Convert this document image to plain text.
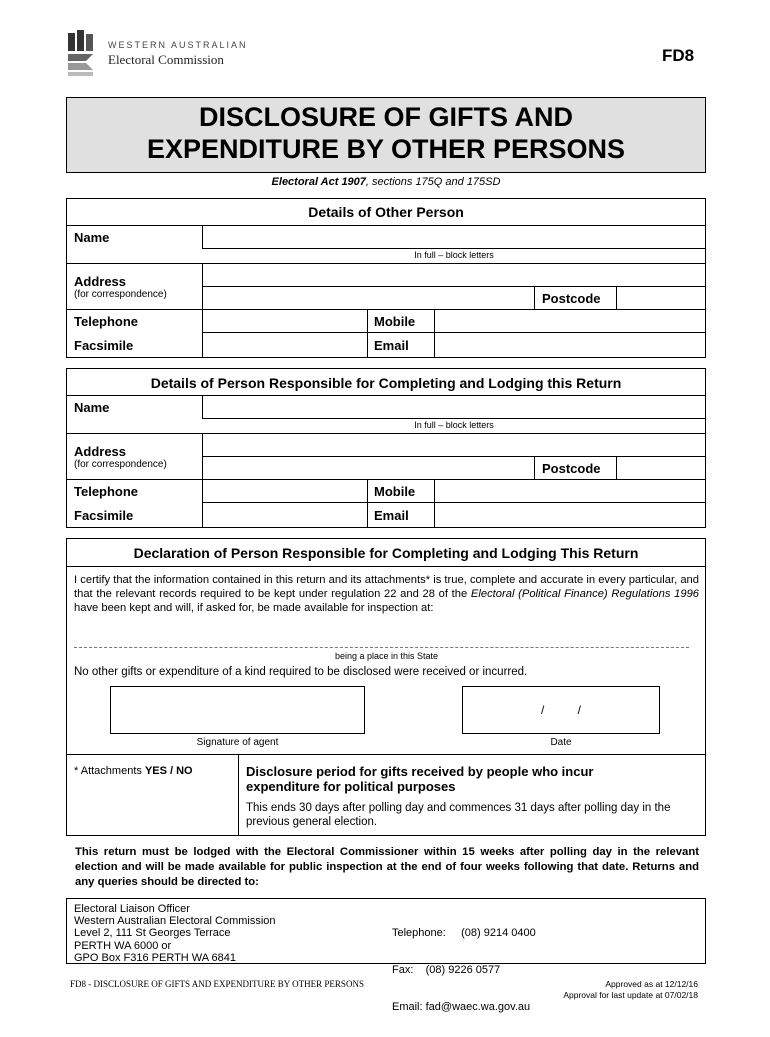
WESTERN AUSTRALIAN
Electoral Commission	FD8
DISCLOSURE OF GIFTS AND
EXPENDITURE BY OTHER PERSONS
Electoral Act 1907, sections 175Q and 175SD
Details of Other Person
Name
In full – block letters
Address
(for correspondence)	Postcode
Telephone	Mobile
Facsimile	Email
Details of Person Responsible for Completing and Lodging this Return
Name
In full – block letters
Address
(for correspondence)	Postcode
Telephone	Mobile
Facsimile	Email
Declaration of Person Responsible for Completing and Lodging This Return
I certify that the information contained in this return and its attachments* is true, complete and accurate in every particular, and that the relevant records required to be kept under regulation 22 and 28 of the Electoral (Political Finance) Regulations 1996 have been kept and will, if asked for, be made available for inspection at:
being a place in this State
No other gifts or expenditure of a kind required to be disclosed were received or incurred.
/          /
Signature of agent	Date
* Attachments YES / NO	Disclosure period for gifts received by people who incur expenditure for political purposes
This ends 30 days after polling day and commences 31 days after polling day in the previous general election.
This return must be lodged with the Electoral Commissioner within 15 weeks after polling day in the relevant election and will be made available for public inspection at the end of four weeks following that date. Returns and any queries should be directed to:
Electoral Liaison Officer
Western Australian Electoral Commission
Level 2, 111 St Georges Terrace
PERTH WA 6000 or
GPO Box F316 PERTH WA 6841

Telephone:     (08) 9214 0400

Fax:    (08) 9226 0577

Email: fad@waec.wa.gov.au

FD8 - DISCLOSURE OF GIFTS AND EXPENDITURE BY OTHER PERSONS	Approved as at 12/12/16
Approval for last update at 07/02/18
